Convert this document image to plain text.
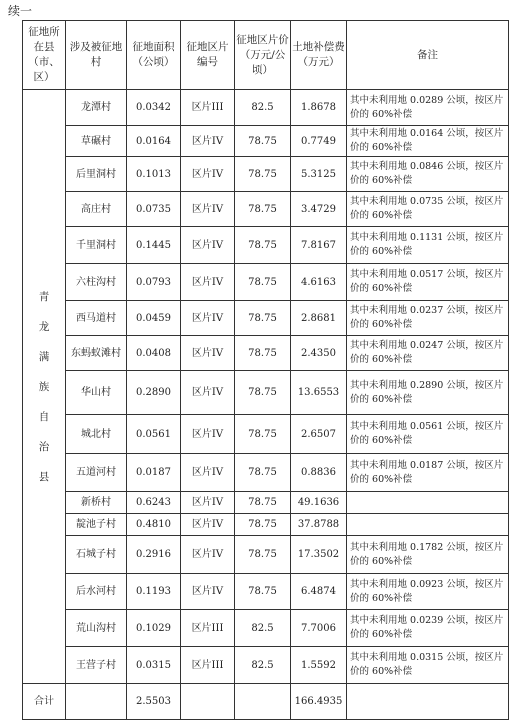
续一
征地所在县（市、区）	涉及被征地村	征地面积（公顷）	征地区片编号	征地区片价（万元/公顷）	土地补偿费（万元）	备注
青龙满族自治县	龙潭村	0.0342	区片III	82.5	1.8678	其中未利用地 0.0289 公顷，按区片价的 60%补偿
	草碾村	0.0164	区片IV	78.75	0.7749	其中未利用地 0.0164 公顷，按区片价的 60%补偿
	后里洞村	0.1013	区片IV	78.75	5.3125	其中未利用地 0.0846 公顷，按区片价的 60%补偿
	高庄村	0.0735	区片IV	78.75	3.4729	其中未利用地 0.0735 公顷，按区片价的 60%补偿
	千里洞村	0.1445	区片IV	78.75	7.8167	其中未利用地 0.1131 公顷，按区片价的 60%补偿
	六柱沟村	0.0793	区片IV	78.75	4.6163	其中未利用地 0.0517 公顷，按区片价的 60%补偿
	西马道村	0.0459	区片IV	78.75	2.8681	其中未利用地 0.0237 公顷，按区片价的 60%补偿
	东蚂蚁滩村	0.0408	区片IV	78.75	2.4350	其中未利用地 0.0247 公顷，按区片价的 60%补偿
	华山村	0.2890	区片IV	78.75	13.6553	其中未利用地 0.2890 公顷，按区片价的 60%补偿
	城北村	0.0561	区片IV	78.75	2.6507	其中未利用地 0.0561 公顷，按区片价的 60%补偿
	五道河村	0.0187	区片IV	78.75	0.8836	其中未利用地 0.0187 公顷，按区片价的 60%补偿
	新桥村	0.6243	区片IV	78.75	49.1636	
	靛池子村	0.4810	区片IV	78.75	37.8788	
	石城子村	0.2916	区片IV	78.75	17.3502	其中未利用地 0.1782 公顷，按区片价的 60%补偿
	后水河村	0.1193	区片IV	78.75	6.4874	其中未利用地 0.0923 公顷，按区片价的 60%补偿
	荒山沟村	0.1029	区片III	82.5	7.7006	其中未利用地 0.0239 公顷，按区片价的 60%补偿
	王营子村	0.0315	区片III	82.5	1.5592	其中未利用地 0.0315 公顷，按区片价的 60%补偿
合计		2.5503			166.4935	
